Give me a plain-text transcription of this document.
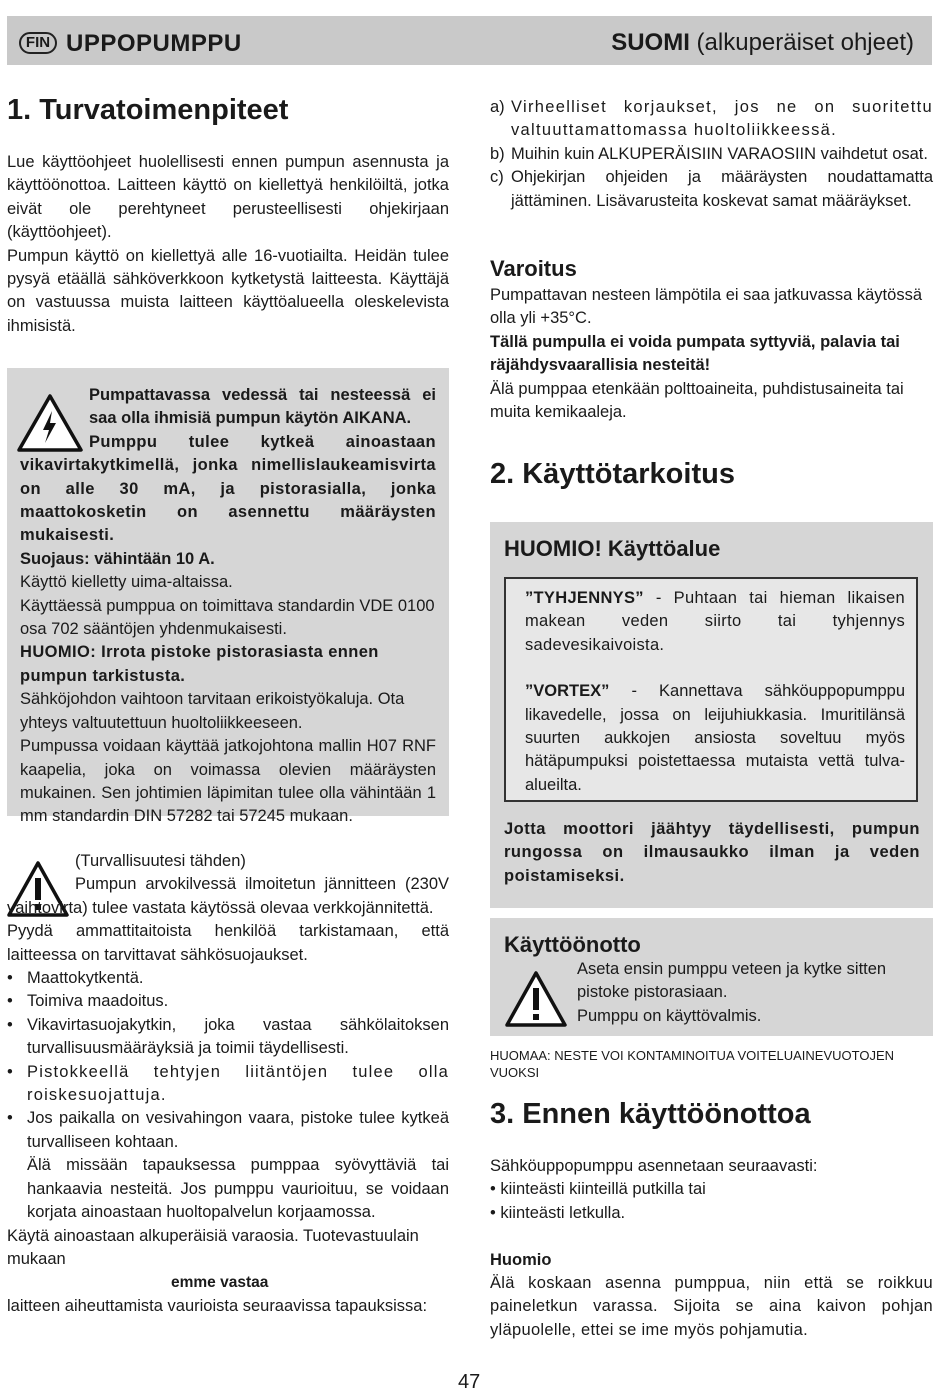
FIN UPPOPUMPPU	SUOMI (alkuperäiset ohjeet)
1. Turvatoimenpiteet
Lue käyttöohjeet huolellisesti ennen pumpun asennusta ja käyttöönottoa. Laitteen käyttö on kiellettyä henkilöiltä, jotka eivät ole perehtyneet perusteellisesti ohjekirjaan (käyttöohjeet).
Pumpun käyttö on kiellettyä alle 16-vuotiailta. Heidän tulee pysyä etäällä sähköverkkoon kytketystä laitteesta. Käyttäjä on vastuussa muista laitteen käyttöalueella oleskelevista ihmisistä.
Pumpattavassa vedessä tai nesteessä ei saa olla ihmisiä pumpun käytön AIKANA.
Pumppu tulee kytkeä ainoastaan vikavirtakytkimellä, jonka nimellislaukeamisvirta on alle 30 mA, ja pistorasialla, jonka maattokosketin on asennettu määräysten mukaisesti.
Suojaus: vähintään 10 A.
Käyttö kielletty uima-altaissa.
Käyttäessä pumppua on toimittava standardin VDE 0100 osa 702 sääntöjen yhdenmukaisesti.
HUOMIO: Irrota pistoke pistorasiasta ennen pumpun tarkistusta.
Sähköjohdon vaihtoon tarvitaan erikoistyökaluja. Ota yhteys valtuutettuun huoltoliikkeeseen.
Pumpussa voidaan käyttää jatkojohtona mallin H07 RNF kaapelia, joka on voimassa olevien määräysten mukainen. Sen johtimien läpimitan tulee olla vähintään 1 mm standardin DIN 57282 tai 57245 mukaan.
(Turvallisuutesi tähden)
Pumpun arvokilvessä ilmoitetun jännitteen (230V vaihtovirta) tulee vastata käytössä olevaa verkkojännitettä.
Pyydä ammattitaitoista henkilöä tarkistamaan, että laitteessa on tarvittavat sähkösuojaukset.
• Maattokytkentä.
• Toimiva maadoitus.
• Vikavirtasuojakytkin, joka vastaa sähkölaitoksen turvallisuusmääräyksiä ja toimii täydellisesti.
• Pistokkeellä tehtyjen liitäntöjen tulee olla roiskesuojattuja.
• Jos paikalla on vesivahingon vaara, pistoke tulee kytkeä turvalliseen kohtaan.
Älä missään tapauksessa pumppaa syövyttäviä tai hankaavia nesteitä. Jos pumppu vaurioituu, se voidaan korjata ainoastaan huoltopalvelun korjaamossa.
Käytä ainoastaan alkuperäisiä varaosia. Tuotevastuulain mukaan
emme vastaa
laitteen aiheuttamista vaurioista seuraavissa tapauksissa:
a) Virheelliset korjaukset, jos ne on suoritettu valtuuttamattomassa huoltoliikkeessä.
b) Muihin kuin ALKUPERÄISIIN VARAOSIIN vaihdetut osat.
c) Ohjekirjan ohjeiden ja määräysten noudattamatta jättäminen. Lisävarusteita koskevat samat määräykset.
Varoitus
Pumpattavan nesteen lämpötila ei saa jatkuvassa käytössä olla yli +35°C.
Tällä pumpulla ei voida pumpata syttyviä, palavia tai räjähdysvaarallisia nesteitä!
Älä pumppaa etenkään polttoaineita, puhdistusaineita tai muita kemikaaleja.
2. Käyttötarkoitus
HUOMIO! Käyttöalue
”TYHJENNYS” - Puhtaan tai hieman likaisen makean veden siirto tai tyhjennys sadevesikaivoista.
”VORTEX” - Kannettava sähköuppopumppu likavedelle, jossa on leijuhiukkasia. Imuritilänsä suurten aukkojen ansiosta soveltuu myös hätäpumpuksi poistettaessa mutaista vettä tulva-alueilta.
Jotta moottori jäähtyy täydellisesti, pumpun rungossa on ilmausaukko ilman ja veden poistamiseksi.
Käyttöönotto
Aseta ensin pumppu veteen ja kytke sitten pistoke pistorasiaan.
Pumppu on käyttövalmis.
HUOMAA: NESTE VOI KONTAMINOITUA VOITELUAINEVUOTOJEN VUOKSI
3. Ennen käyttöönottoa
Sähköuppopumppu asennetaan seuraavasti:
• kiinteästi kiinteillä putkilla tai
• kiinteästi letkulla.
Huomio
Älä koskaan asenna pumppua, niin että se roikkuu paineletkun varassa. Sijoita se aina kaivon pohjan yläpuolelle, ettei se ime myös pohjamutia.
47
